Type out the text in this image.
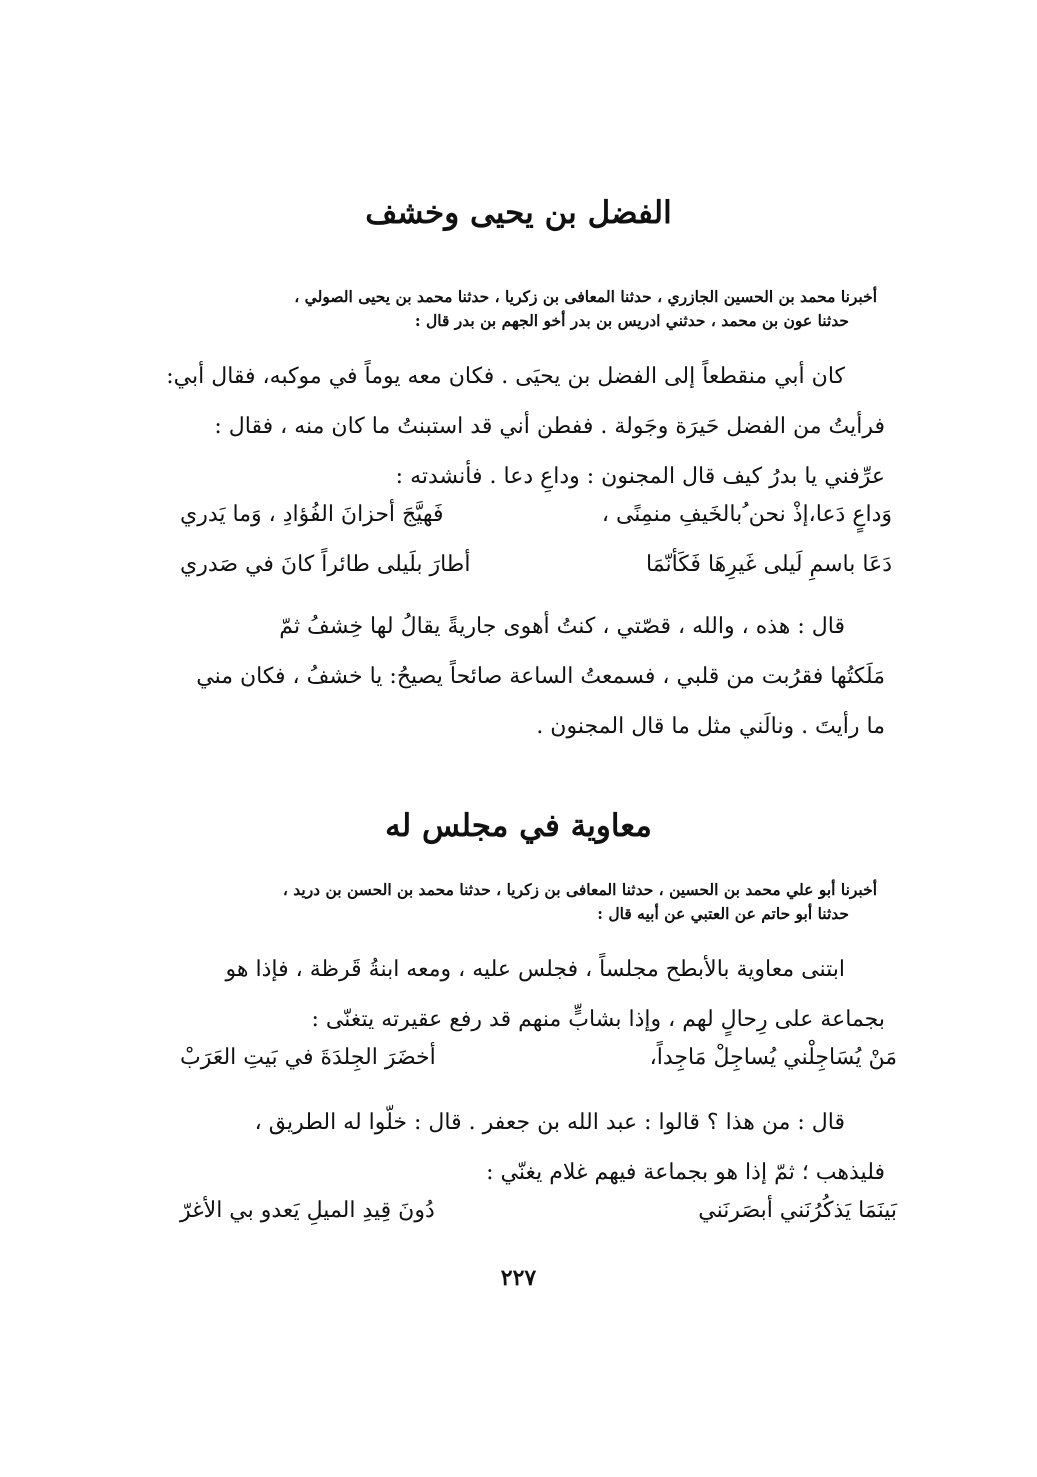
الفضل بن يحيى وخشف
أخبرنا محمد بن الحسين الجازري ، حدثنا المعافى بن زكريا ، حدثنا محمد بن يحيى الصولي ،
حدثنا عون بن محمد ، حدثني ادريس بن بدر أخو الجهم بن بدر قال :
كان أبي منقطعاً إلى الفضل بن يحيَى . فكان معه يوماً في موكبه، فقال أبي:
فرأيتُ من الفضل حَيرَة وجَولة . ففطن أني قد استبنتُ ما كان منه ، فقال :
عرِّفني يا بدرُ كيف قال المجنون : وداعِ دعا . فأنشدته :
وَداعٍ دَعا،إذْ نحن ُبالخَيفِ منمِنًى ،
فَهيَّجَ أحزانَ الفُؤادِ ، وَما يَدري
دَعَا باسمِ لَيلى غَيرِهَا فَكَأنّمَا
أطارَ بلَيلى طائراً كانَ في صَدري
قال : هذه ، والله ، قصّتي ، كنتُ أهوى جاريةً يقالُ لها خِشفُ ثمّ
مَلَكتُها فقرُبت من قلبي ، فسمعتُ الساعة صائحاً يصيحُ: يا خشفُ ، فكان مني
ما رأيتَ . ونالَني مثل ما قال المجنون .
معاوية في مجلس له
أخبرنا أبو علي محمد بن الحسين ، حدثنا المعافى بن زكريا ، حدثنا محمد بن الحسن بن دريد ،
حدثنا أبو حاتم عن العتبي عن أبيه قال :
ابتنى معاوية بالأبطح مجلساً ، فجلس عليه ، ومعه ابنةُ قَرظة ، فإذا هو
بجماعة على رِحالٍ لهم ، وإذا بشابٍّ منهم قد رفع عقيرته يتغنّى :
مَنْ يُسَاجِلْني يُساجِلْ مَاجِداً،
أخضَرَ الجِلدَةَ في بَيتِ العَرَبْ
قال : من هذا ؟ قالوا : عبد الله بن جعفر . قال : خلّوا له الطريق ،
فليذهب ؛ ثمّ إذا هو بجماعة فيهم غلام يغنّي :
بَينَمَا يَذكُرُنَني أبصَرنَني
دُونَ قِيدِ الميلِ يَعدو بي الأغرّ
٢٢٧
